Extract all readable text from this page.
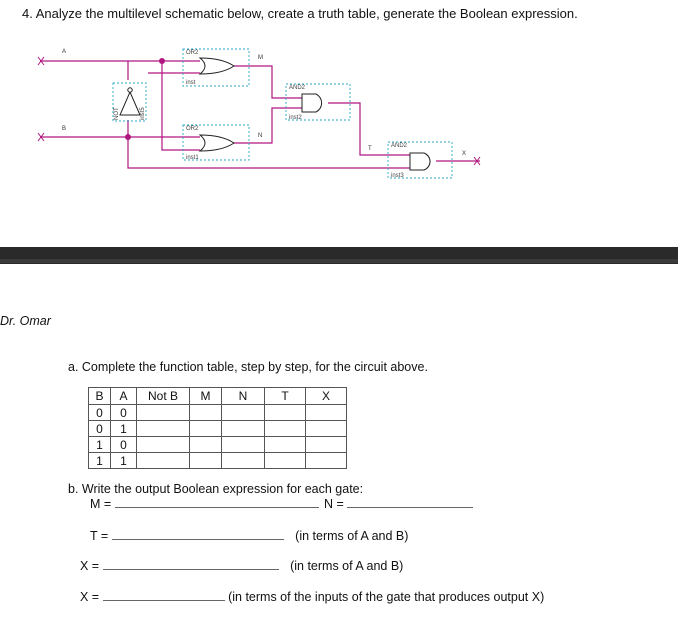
4. Analyze the multilevel schematic below, create a truth table, generate the Boolean expression.
OR2
inst
OR2
inst1
AND2
inst2
AND2
inst3
NOT	inst5
A
B
M
N
T
X
Dr. Omar
a. Complete the function table, step by step, for the circuit above.
B	A	Not B	M	N	T	X
0	0					
0	1					
1	0					
1	1					
b. Write the output Boolean expression for each gate:
M =	N =
T =	(in terms of A and B)
X =	(in terms of A and B)
X =	(in terms of the inputs of the gate that produces output X)
